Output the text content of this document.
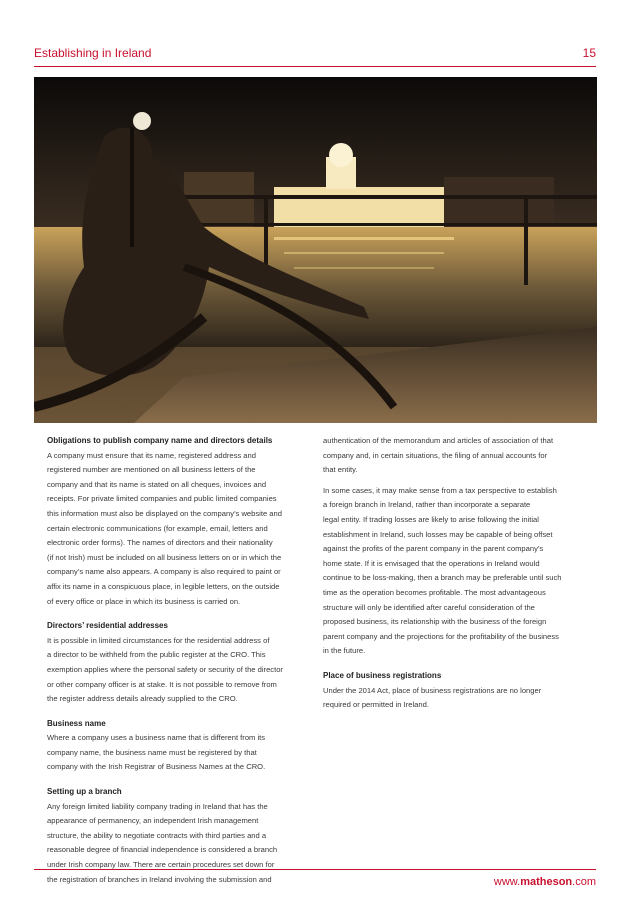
Establishing in Ireland	15
Obligations to publish company name and directors details

A company must ensure that its name, registered address and
registered number are mentioned on all business letters of the
company and that its name is stated on all cheques, invoices and
receipts. For private limited companies and public limited companies
this information must also be displayed on the company’s website and
certain electronic communications (for example, email, letters and
electronic order forms). The names of directors and their nationality
(if not Irish) must be included on all business letters on or in which the
company’s name also appears. A company is also required to paint or
affix its name in a conspicuous place, in legible letters, on the outside
of every office or place in which its business is carried on.

Directors’ residential addresses

It is possible in limited circumstances for the residential address of
a director to be withheld from the public register at the CRO. This
exemption applies where the personal safety or security of the director
or other company officer is at stake. It is not possible to remove from
the register address details already supplied to the CRO.

Business name

Where a company uses a business name that is different from its
company name, the business name must be registered by that
company with the Irish Registrar of Business Names at the CRO.

Setting up a branch

Any foreign limited liability company trading in Ireland that has the
appearance of permanency, an independent Irish management
structure, the ability to negotiate contracts with third parties and a
reasonable degree of financial independence is considered a branch
under Irish company law. There are certain procedures set down for
the registration of branches in Ireland involving the submission and

authentication of the memorandum and articles of association of that
company and, in certain situations, the filing of annual accounts for
that entity.

In some cases, it may make sense from a tax perspective to establish
a foreign branch in Ireland, rather than incorporate a separate
legal entity. If trading losses are likely to arise following the initial
establishment in Ireland, such losses may be capable of being offset
against the profits of the parent company in the parent company’s
home state. If it is envisaged that the operations in Ireland would
continue to be loss-making, then a branch may be preferable until such
time as the operation becomes profitable. The most advantageous
structure will only be identified after careful consideration of the
proposed business, its relationship with the business of the foreign
parent company and the projections for the profitability of the business
in the future.

Place of business registrations

Under the 2014 Act, place of business registrations are no longer
required or permitted in Ireland.

www.matheson.com
